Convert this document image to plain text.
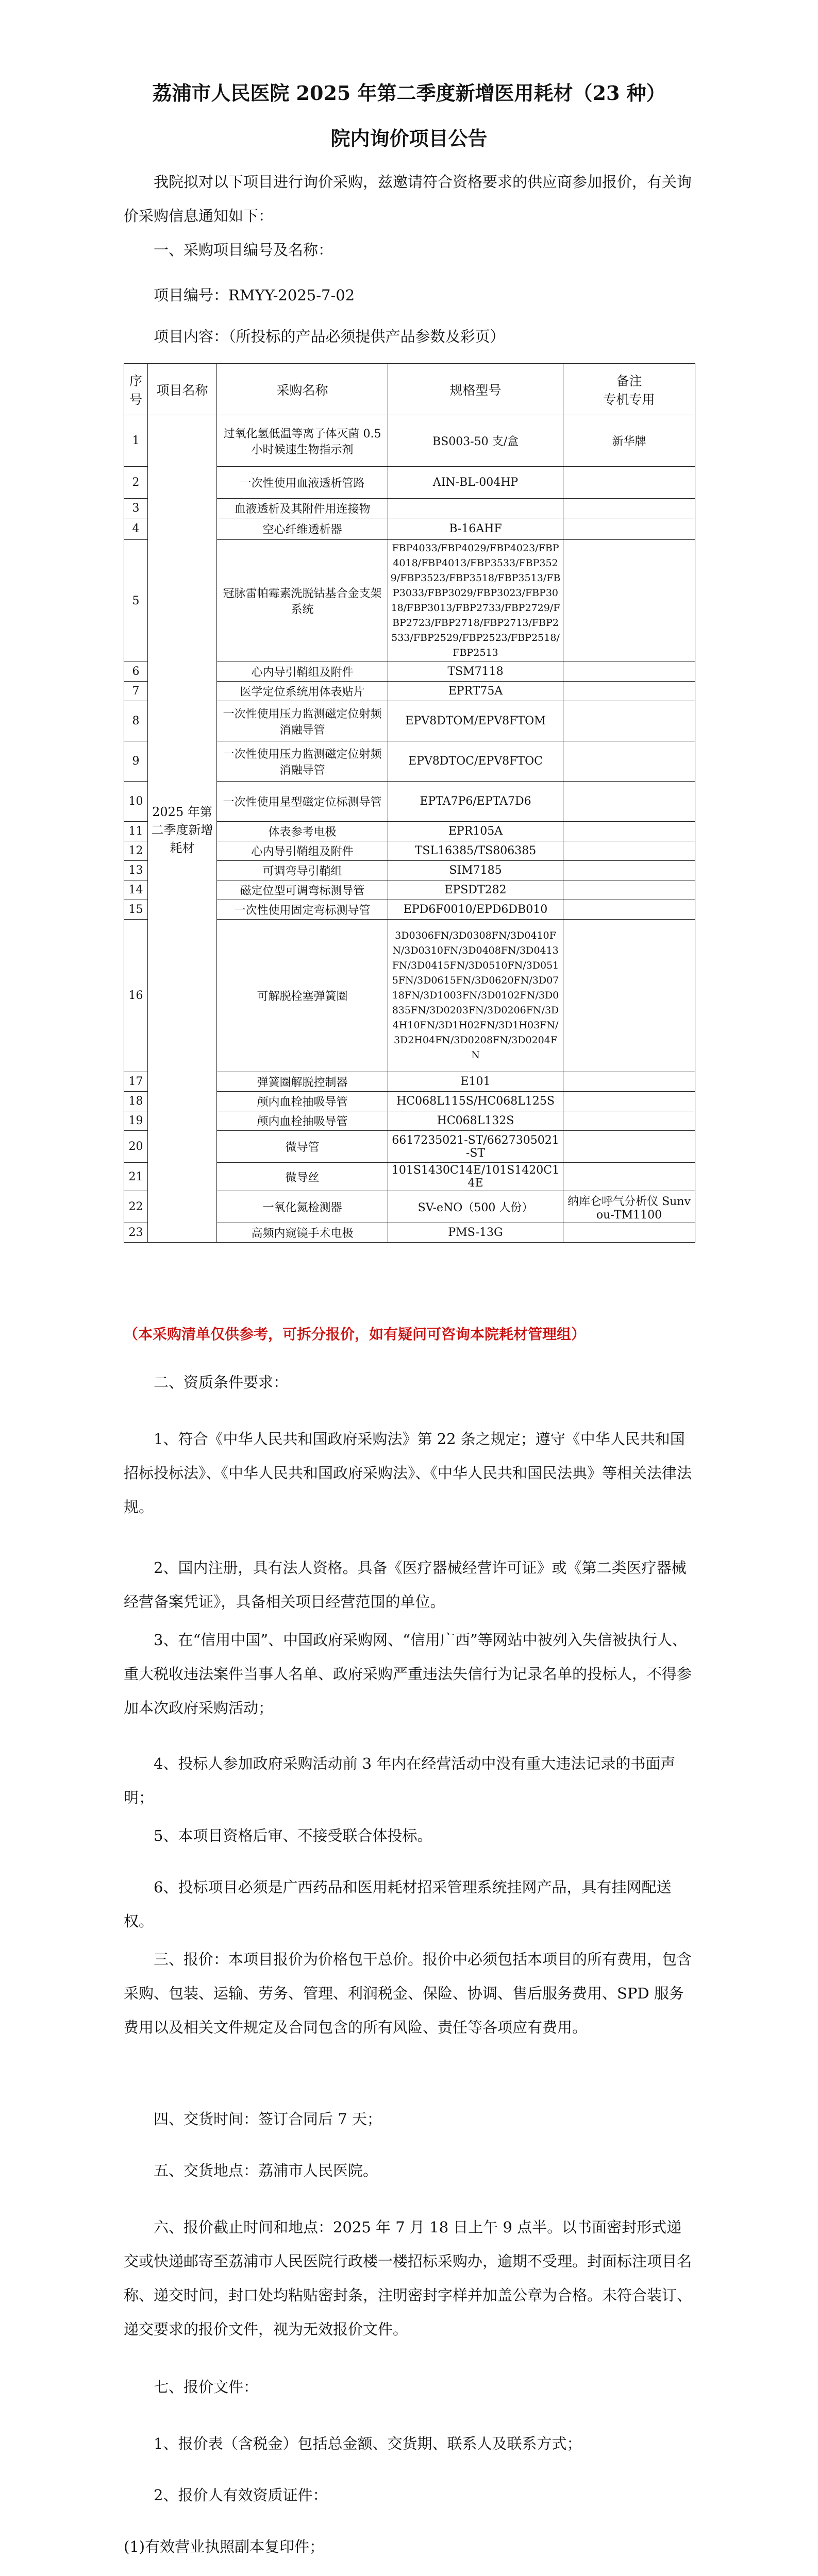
荔浦市人民医院 2025 年第二季度新增医用耗材（23 种）
院内询价项目公告
我院拟对以下项目进行询价采购，兹邀请符合资格要求的供应商参加报价，有关询价采购信息通知如下：
一、采购项目编号及名称：
项目编号：RMYY-2025-7-02
项目内容：（所投标的产品必须提供产品参数及彩页）
序号	项目名称	采购名称	规格型号	备注
专机专用
1	2025 年第二季度新增耗材	过氧化氢低温等离子体灭菌 0.5 小时候速生物指示剂	BS003-50 支/盒	新华牌
2		一次性使用血液透析管路	AIN-BL-004HP	
3		血液透析及其附件用连接物		
4		空心纤维透析器	B-16AHF	
5		冠脉雷帕霉素洗脱钴基合金支架系统	FBP4033/FBP4029/FBP4023/FBP4018/FBP4013/FBP3533/FBP3529/FBP3523/FBP3518/FBP3513/FBP3033/FBP3029/FBP3023/FBP3018/FBP3013/FBP2733/FBP2729/FBP2723/FBP2718/FBP2713/FBP2533/FBP2529/FBP2523/FBP2518/FBP2513	
6		心内导引鞘组及附件	TSM7118	
7		医学定位系统用体表贴片	EPRT75A	
8		一次性使用压力监测磁定位射频消融导管	EPV8DTOM/EPV8FTOM	
9		一次性使用压力监测磁定位射频消融导管	EPV8DTOC/EPV8FTOC	
10		一次性使用星型磁定位标测导管	EPTA7P6/EPTA7D6	
11		体表参考电极	EPR105A	
12		心内导引鞘组及附件	TSL16385/TS806385	
13		可调弯导引鞘组	SIM7185	
14		磁定位型可调弯标测导管	EPSDT282	
15		一次性使用固定弯标测导管	EPD6F0010/EPD6DB010	
16		可解脱栓塞弹簧圈	3D0306FN/3D0308FN/3D0410FN/3D0310FN/3D0408FN/3D0413FN/3D0415FN/3D0510FN/3D0515FN/3D0615FN/3D0620FN/3D0718FN/3D1003FN/3D0102FN/3D0835FN/3D0203FN/3D0206FN/3D4H10FN/3D1H02FN/3D1H03FN/3D2H04FN/3D0208FN/3D0204FN	
17		弹簧圈解脱控制器	E101	
18		颅内血栓抽吸导管	HC068L115S/HC068L125S	
19		颅内血栓抽吸导管	HC068L132S	
20		微导管	6617235021-ST/6627305021-ST	
21		微导丝	101S1430C14E/101S1420C14E	
22		一氧化氮检测器	SV-eNO（500 人份）	纳库仑呼气分析仪 Sunvou-TM1100
23		高频内窥镜手术电极	PMS-13G	
（本采购清单仅供参考，可拆分报价，如有疑问可咨询本院耗材管理组）
二、资质条件要求：
1、符合《中华人民共和国政府采购法》第 22 条之规定；遵守《中华人民共和国招标投标法》、《中华人民共和国政府采购法》、《中华人民共和国民法典》等相关法律法规。
2、国内注册，具有法人资格。具备《医疗器械经营许可证》或《第二类医疗器械经营备案凭证》，具备相关项目经营范围的单位。
3、在“信用中国”、中国政府采购网、“信用广西”等网站中被列入失信被执行人、重大税收违法案件当事人名单、政府采购严重违法失信行为记录名单的投标人，不得参加本次政府采购活动；
4、投标人参加政府采购活动前 3 年内在经营活动中没有重大违法记录的书面声明；
5、本项目资格后审、不接受联合体投标。
6、投标项目必须是广西药品和医用耗材招采管理系统挂网产品，具有挂网配送权。
三、报价：本项目报价为价格包干总价。报价中必须包括本项目的所有费用，包含采购、包装、运输、劳务、管理、利润税金、保险、协调、售后服务费用、SPD 服务费用以及相关文件规定及合同包含的所有风险、责任等各项应有费用。
四、交货时间：签订合同后 7 天；
五、交货地点：荔浦市人民医院。
六、报价截止时间和地点：2025 年 7 月 18 日上午 9 点半。以书面密封形式递交或快递邮寄至荔浦市人民医院行政楼一楼招标采购办，逾期不受理。封面标注项目名称、递交时间，封口处均粘贴密封条，注明密封字样并加盖公章为合格。未符合装订、递交要求的报价文件，视为无效报价文件。
七、报价文件：
1、报价表（含税金）包括总金额、交货期、联系人及联系方式；
2、报价人有效资质证件：
(1)有效营业执照副本复印件；
